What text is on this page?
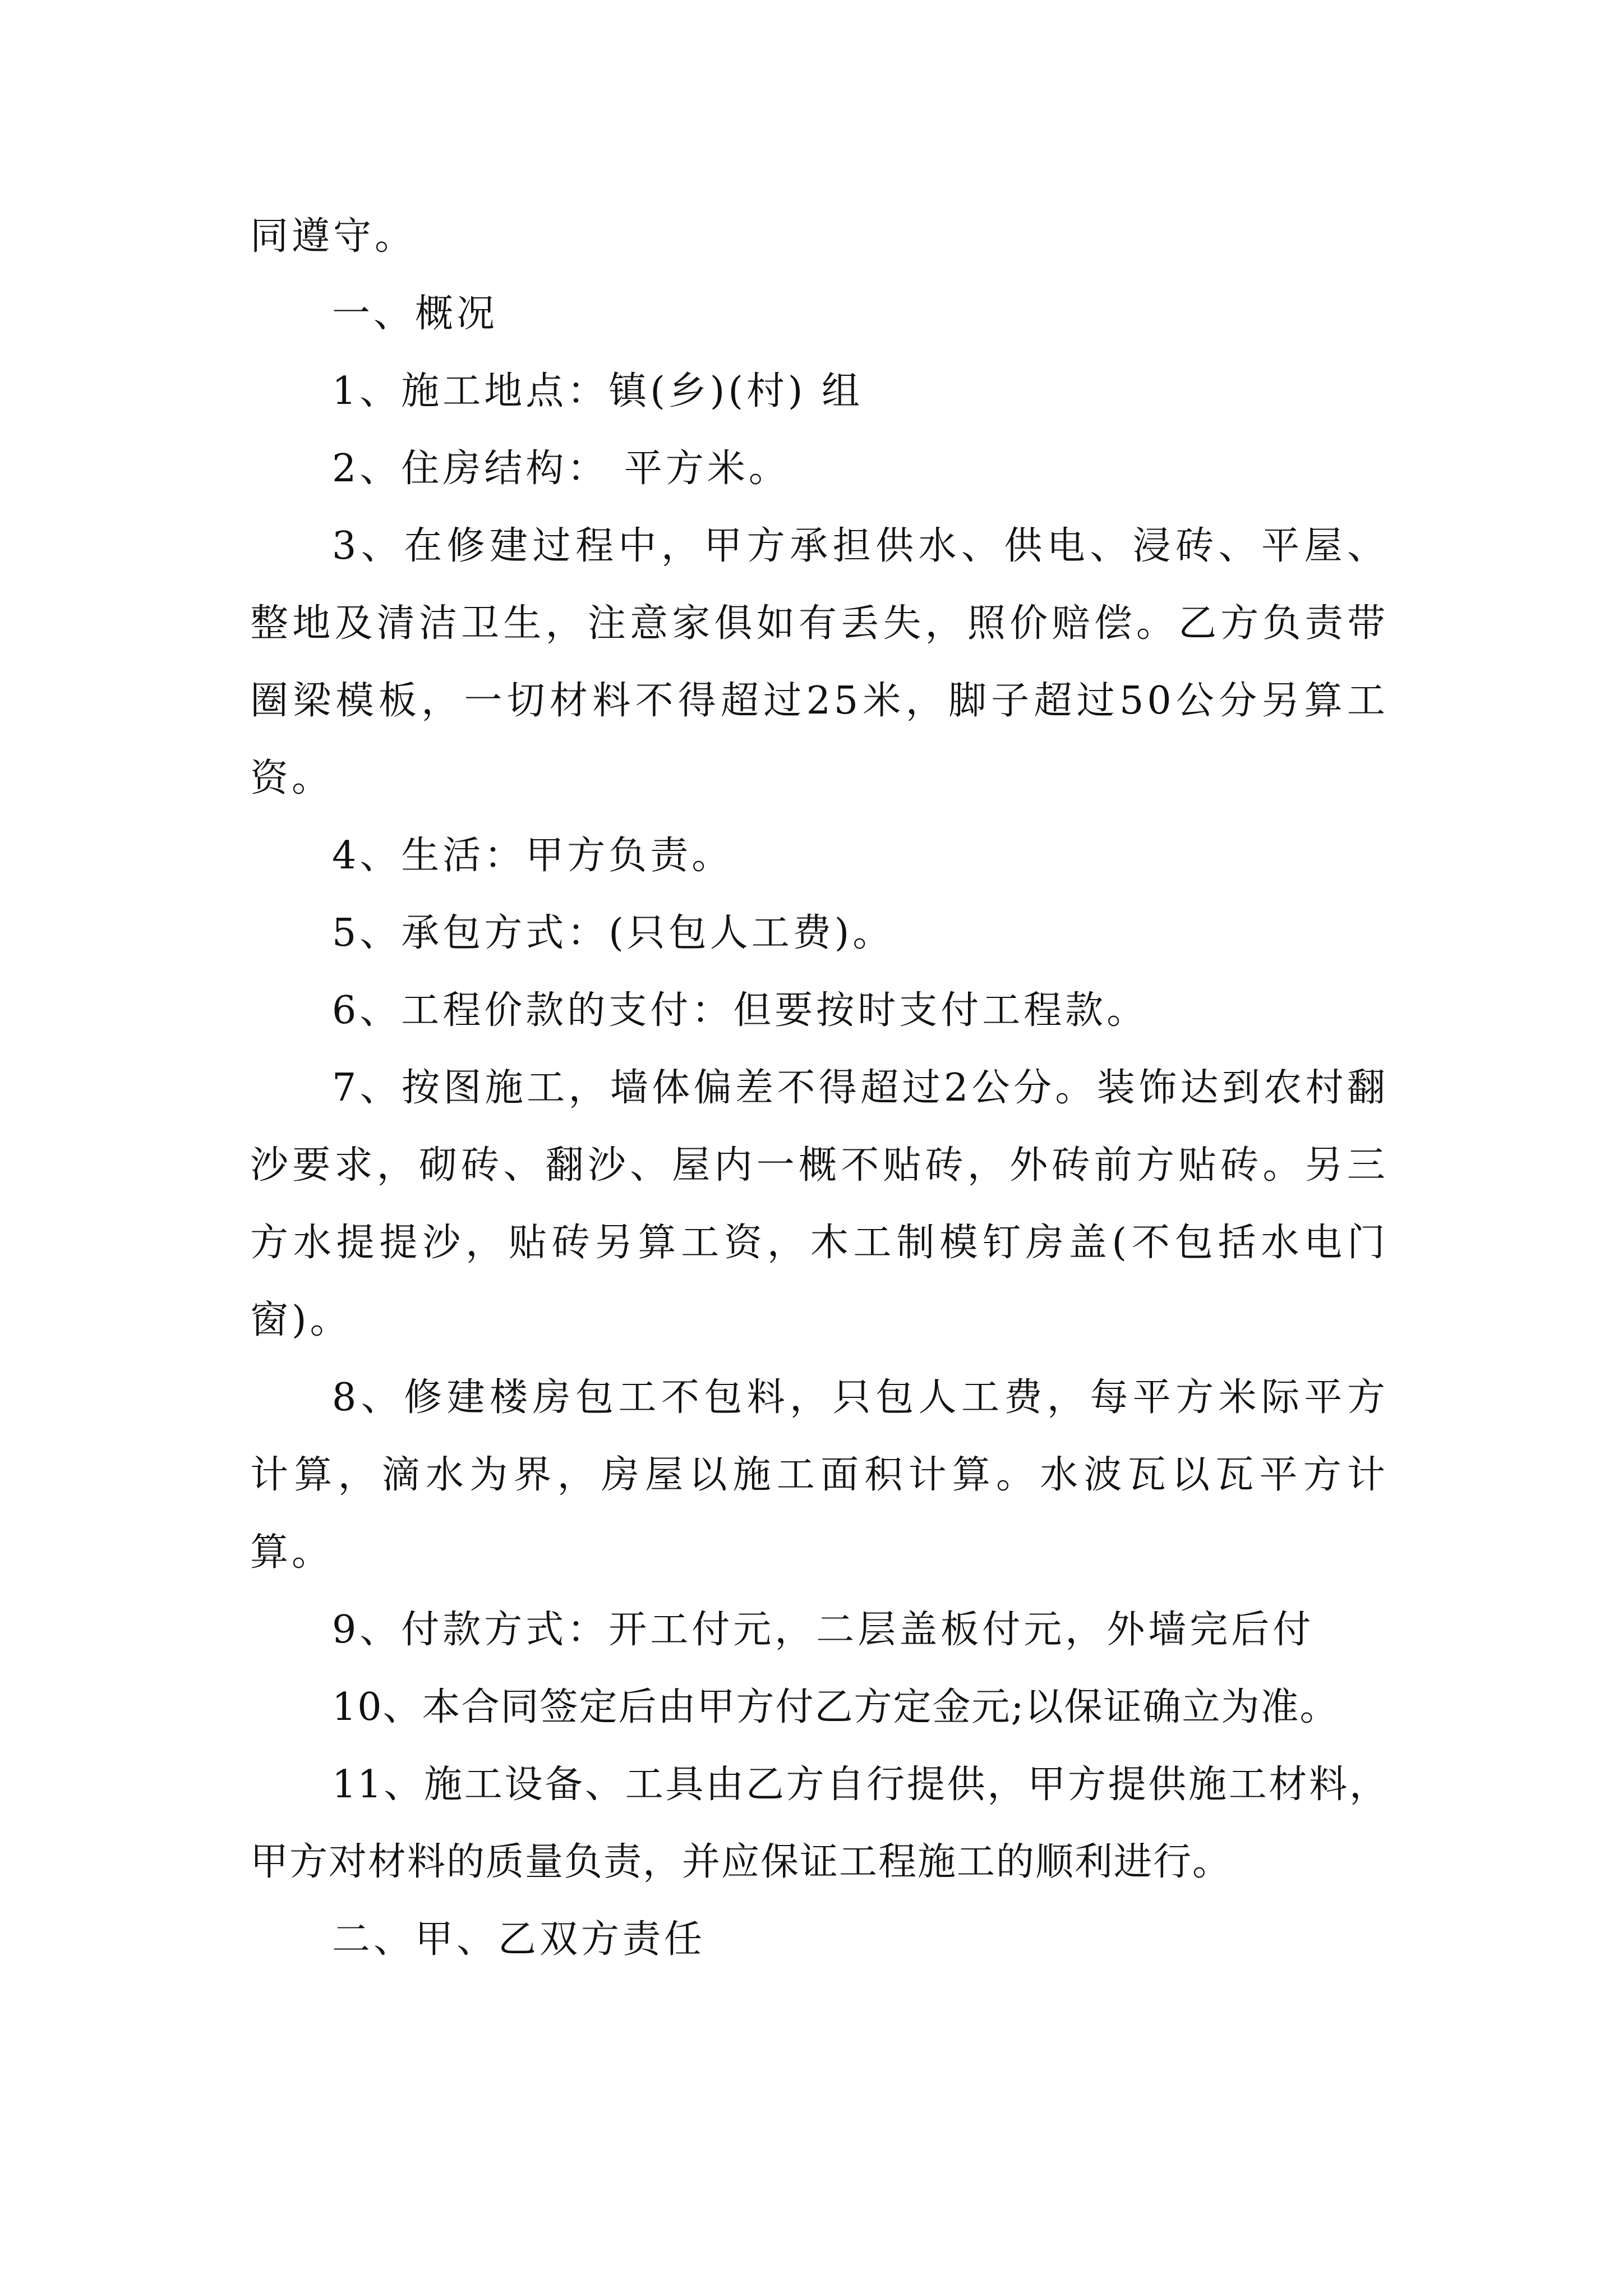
同遵守。

一、概况

1、施工地点：镇(乡)(村) 组

2、住房结构： 平方米。

3、在修建过程中，甲方承担供水、供电、浸砖、平屋、整地及清洁卫生，注意家俱如有丢失，照价赔偿。乙方负责带圈梁模板，一切材料不得超过25米，脚子超过50公分另算工资。

4、生活：甲方负责。

5、承包方式：(只包人工费)。

6、工程价款的支付：但要按时支付工程款。

7、按图施工，墙体偏差不得超过2公分。装饰达到农村翻沙要求，砌砖、翻沙、屋内一概不贴砖，外砖前方贴砖。另三方水提提沙，贴砖另算工资，木工制模钉房盖(不包括水电门窗)。

8、修建楼房包工不包料，只包人工费，每平方米际平方计算，滴水为界，房屋以施工面积计算。水波瓦以瓦平方计算。

9、付款方式：开工付元，二层盖板付元，外墙完后付

10、本合同签定后由甲方付乙方定金元;以保证确立为准。

11、施工设备、工具由乙方自行提供，甲方提供施工材料，甲方对材料的质量负责，并应保证工程施工的顺利进行。

二、甲、乙双方责任
